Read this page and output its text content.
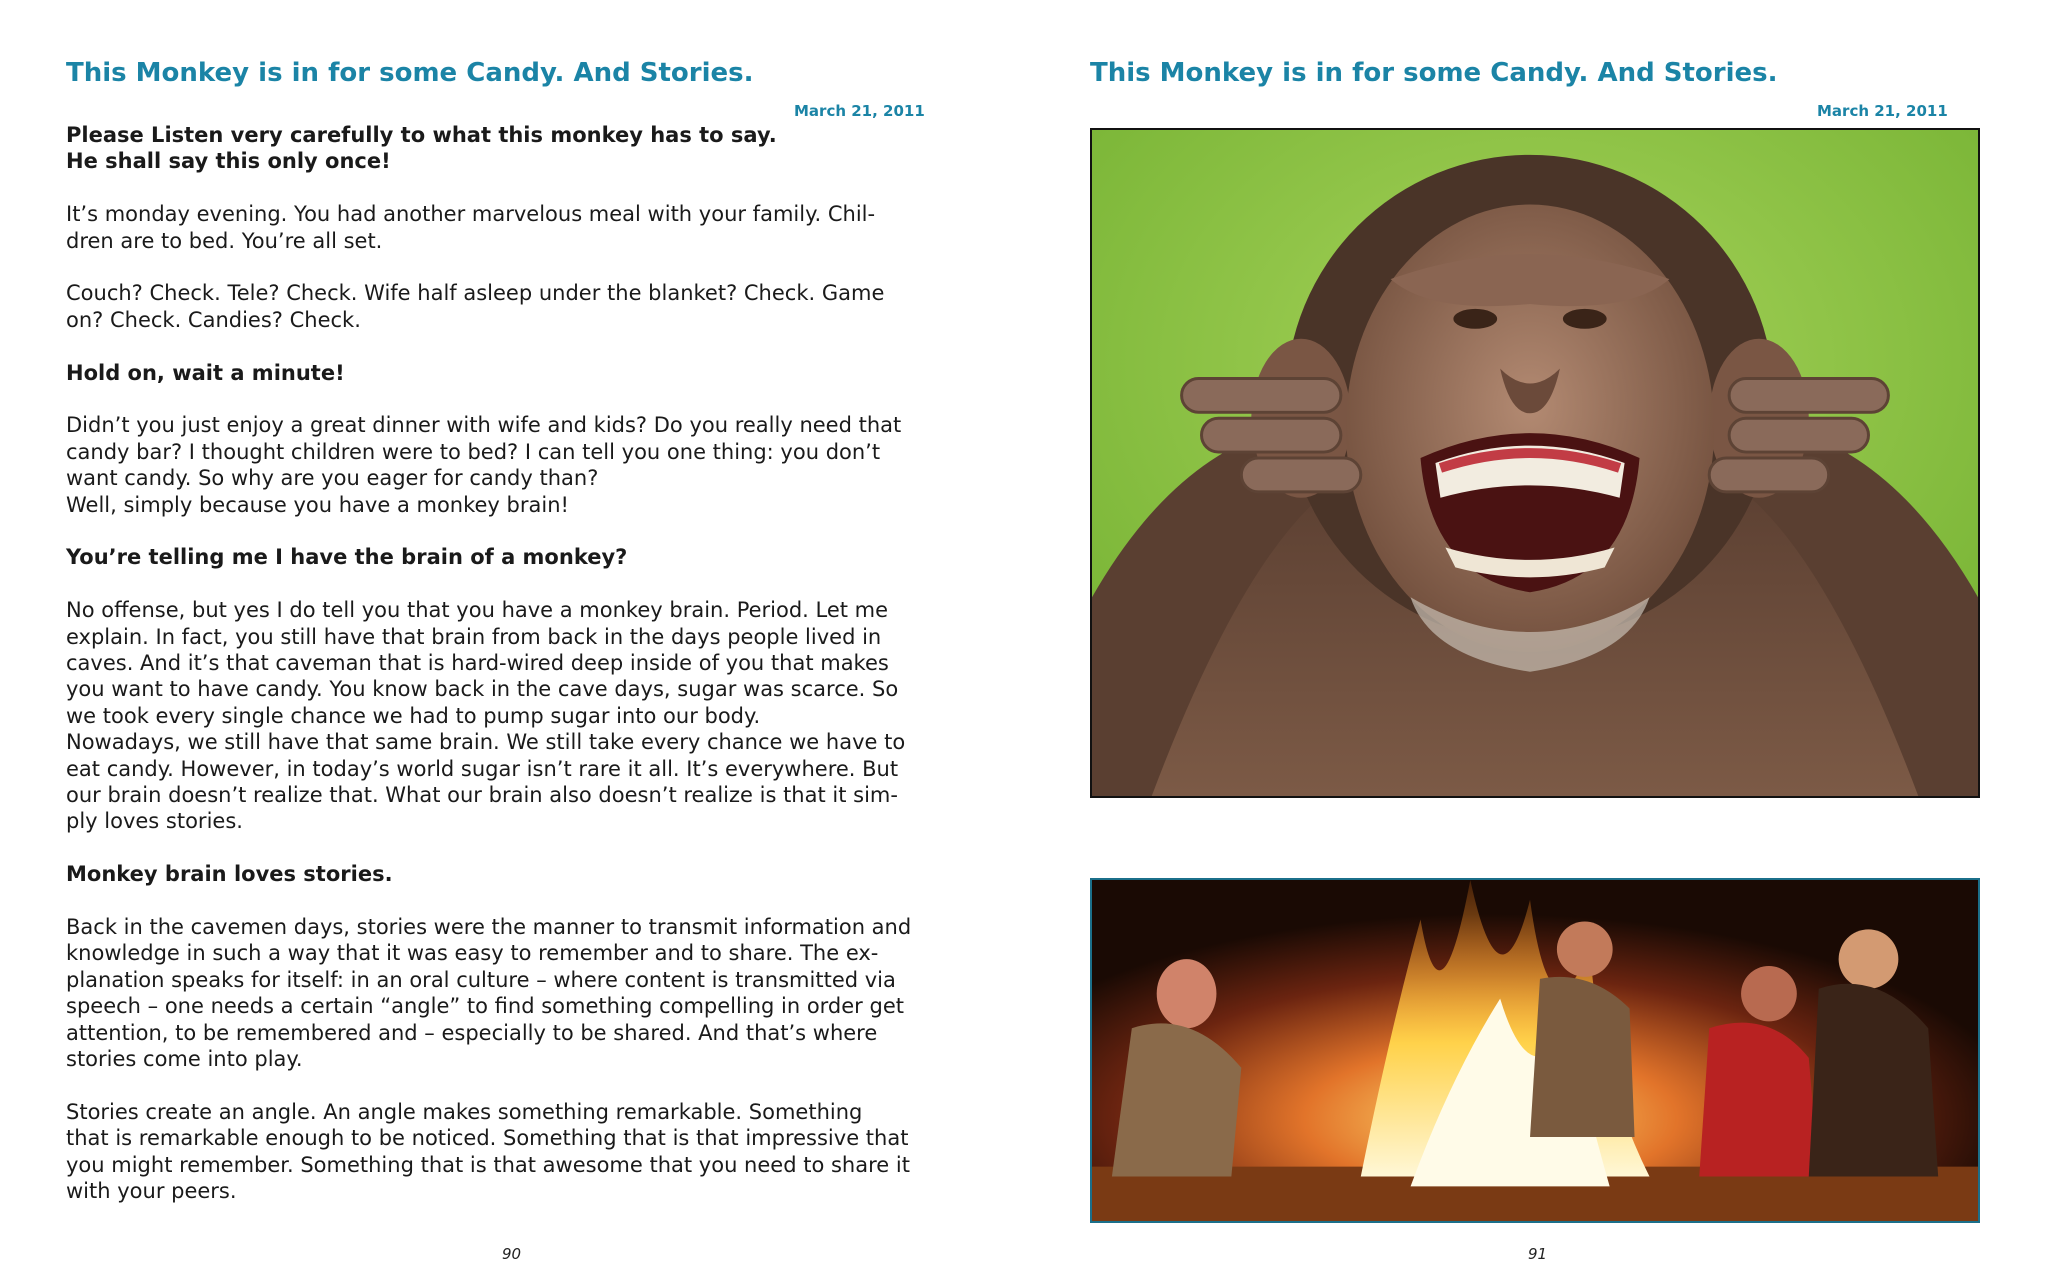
This Monkey is in for some Candy. And Stories.
March 21, 2011

Please Listen very carefully to what this monkey has to say.
He shall say this only once!

It’s monday evening. You had another marvelous meal with your family. Chil-
dren are to bed. You’re all set.

Couch? Check. Tele? Check. Wife half asleep under the blanket? Check. Game
on? Check. Candies? Check.

Hold on, wait a minute!

Didn’t you just enjoy a great dinner with wife and kids? Do you really need that
candy bar? I thought children were to bed? I can tell you one thing: you don’t
want candy. So why are you eager for candy than?
Well, simply because you have a monkey brain!

You’re telling me I have the brain of a monkey?

No offense, but yes I do tell you that you have a monkey brain. Period. Let me
explain. In fact, you still have that brain from back in the days people lived in
caves. And it’s that caveman that is hard-wired deep inside of you that makes
you want to have candy. You know back in the cave days, sugar was scarce. So
we took every single chance we had to pump sugar into our body.
Nowadays, we still have that same brain. We still take every chance we have to
eat candy. However, in today’s world sugar isn’t rare it all. It’s everywhere. But
our brain doesn’t realize that. What our brain also doesn’t realize is that it sim-
ply loves stories.

Monkey brain loves stories.

Back in the cavemen days, stories were the manner to transmit information and
knowledge in such a way that it was easy to remember and to share. The ex-
planation speaks for itself: in an oral culture – where content is transmitted via
speech – one needs a certain “angle” to find something compelling in order get
attention, to be remembered and – especially to be shared. And that’s where
stories come into play.

Stories create an angle. An angle makes something remarkable. Something
that is remarkable enough to be noticed. Something that is that impressive that
you might remember. Something that is that awesome that you need to share it
with your peers.

90
This Monkey is in for some Candy. And Stories.
March 21, 2011
91
